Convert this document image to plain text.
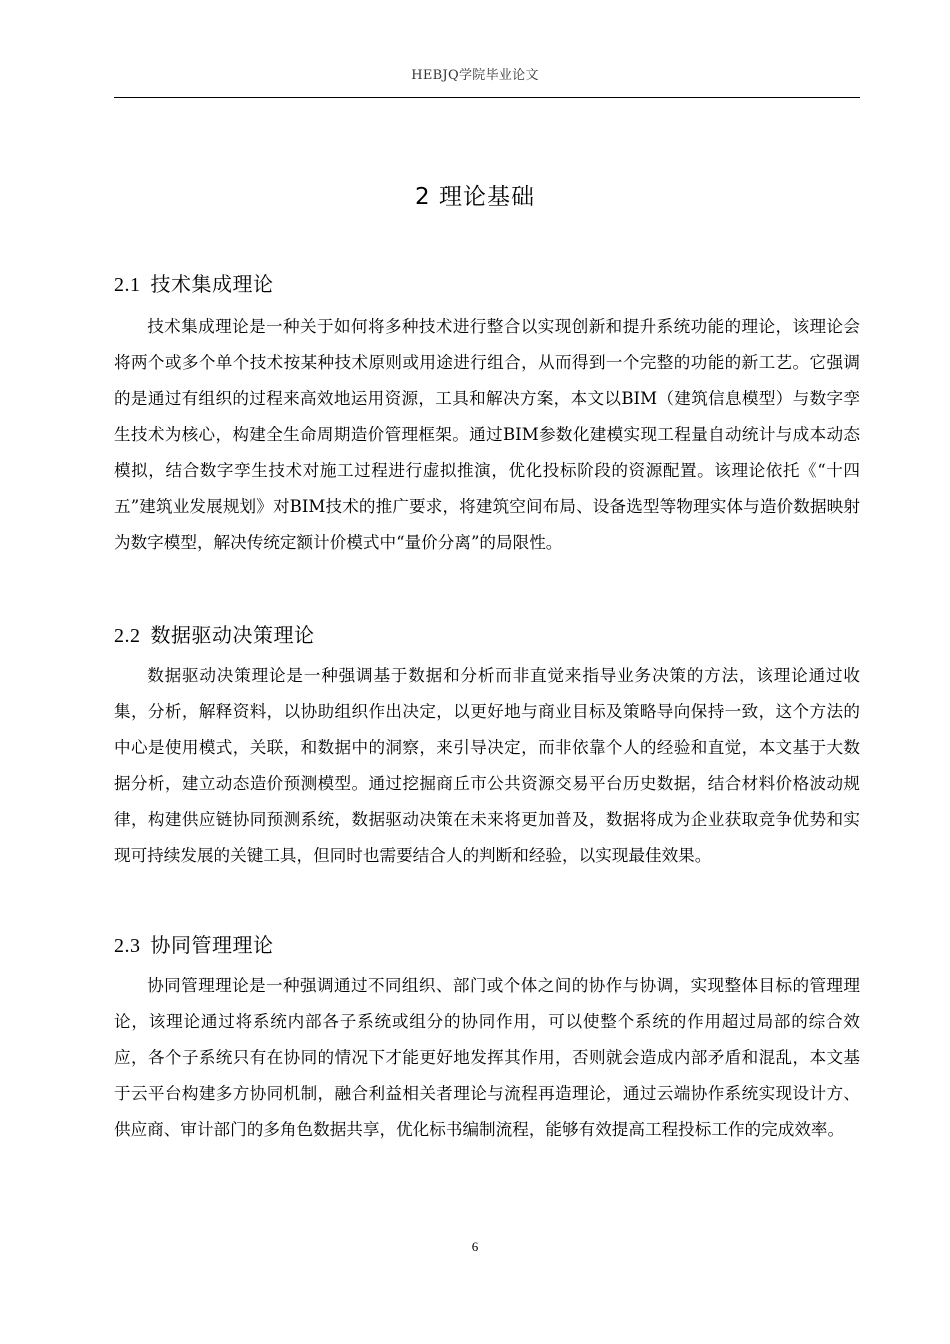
HEBJQ学院毕业论文
2 理论基础
2.1 技术集成理论

技术集成理论是一种关于如何将多种技术进行整合以实现创新和提升系统功能的理论，该理论会将两个或多个单个技术按某种技术原则或用途进行组合，从而得到一个完整的功能的新工艺。它强调的是通过有组织的过程来高效地运用资源，工具和解决方案，本文以BIM（建筑信息模型）与数字孪生技术为核心，构建全生命周期造价管理框架。通过BIM参数化建模实现工程量自动统计与成本动态模拟，结合数字孪生技术对施工过程进行虚拟推演，优化投标阶段的资源配置。该理论依托《“十四五”建筑业发展规划》对BIM技术的推广要求，将建筑空间布局、设备选型等物理实体与造价数据映射为数字模型，解决传统定额计价模式中“量价分离”的局限性。

2.2 数据驱动决策理论

数据驱动决策理论是一种强调基于数据和分析而非直觉来指导业务决策的方法，该理论通过收集，分析，解释资料，以协助组织作出决定，以更好地与商业目标及策略导向保持一致，这个方法的中心是使用模式，关联，和数据中的洞察，来引导决定，而非依靠个人的经验和直觉，本文基于大数据分析，建立动态造价预测模型。通过挖掘商丘市公共资源交易平台历史数据，结合材料价格波动规律，构建供应链协同预测系统，数据驱动决策在未来将更加普及，数据将成为企业获取竞争优势和实现可持续发展的关键工具，但同时也需要结合人的判断和经验，以实现最佳效果。

2.3 协同管理理论

协同管理理论是一种强调通过不同组织、部门或个体之间的协作与协调，实现整体目标的管理理论，该理论通过将系统内部各子系统或组分的协同作用，可以使整个系统的作用超过局部的综合效应，各个子系统只有在协同的情况下才能更好地发挥其作用，否则就会造成内部矛盾和混乱，本文基于云平台构建多方协同机制，融合利益相关者理论与流程再造理论，通过云端协作系统实现设计方、供应商、审计部门的多角色数据共享，优化标书编制流程，能够有效提高工程投标工作的完成效率。

6
